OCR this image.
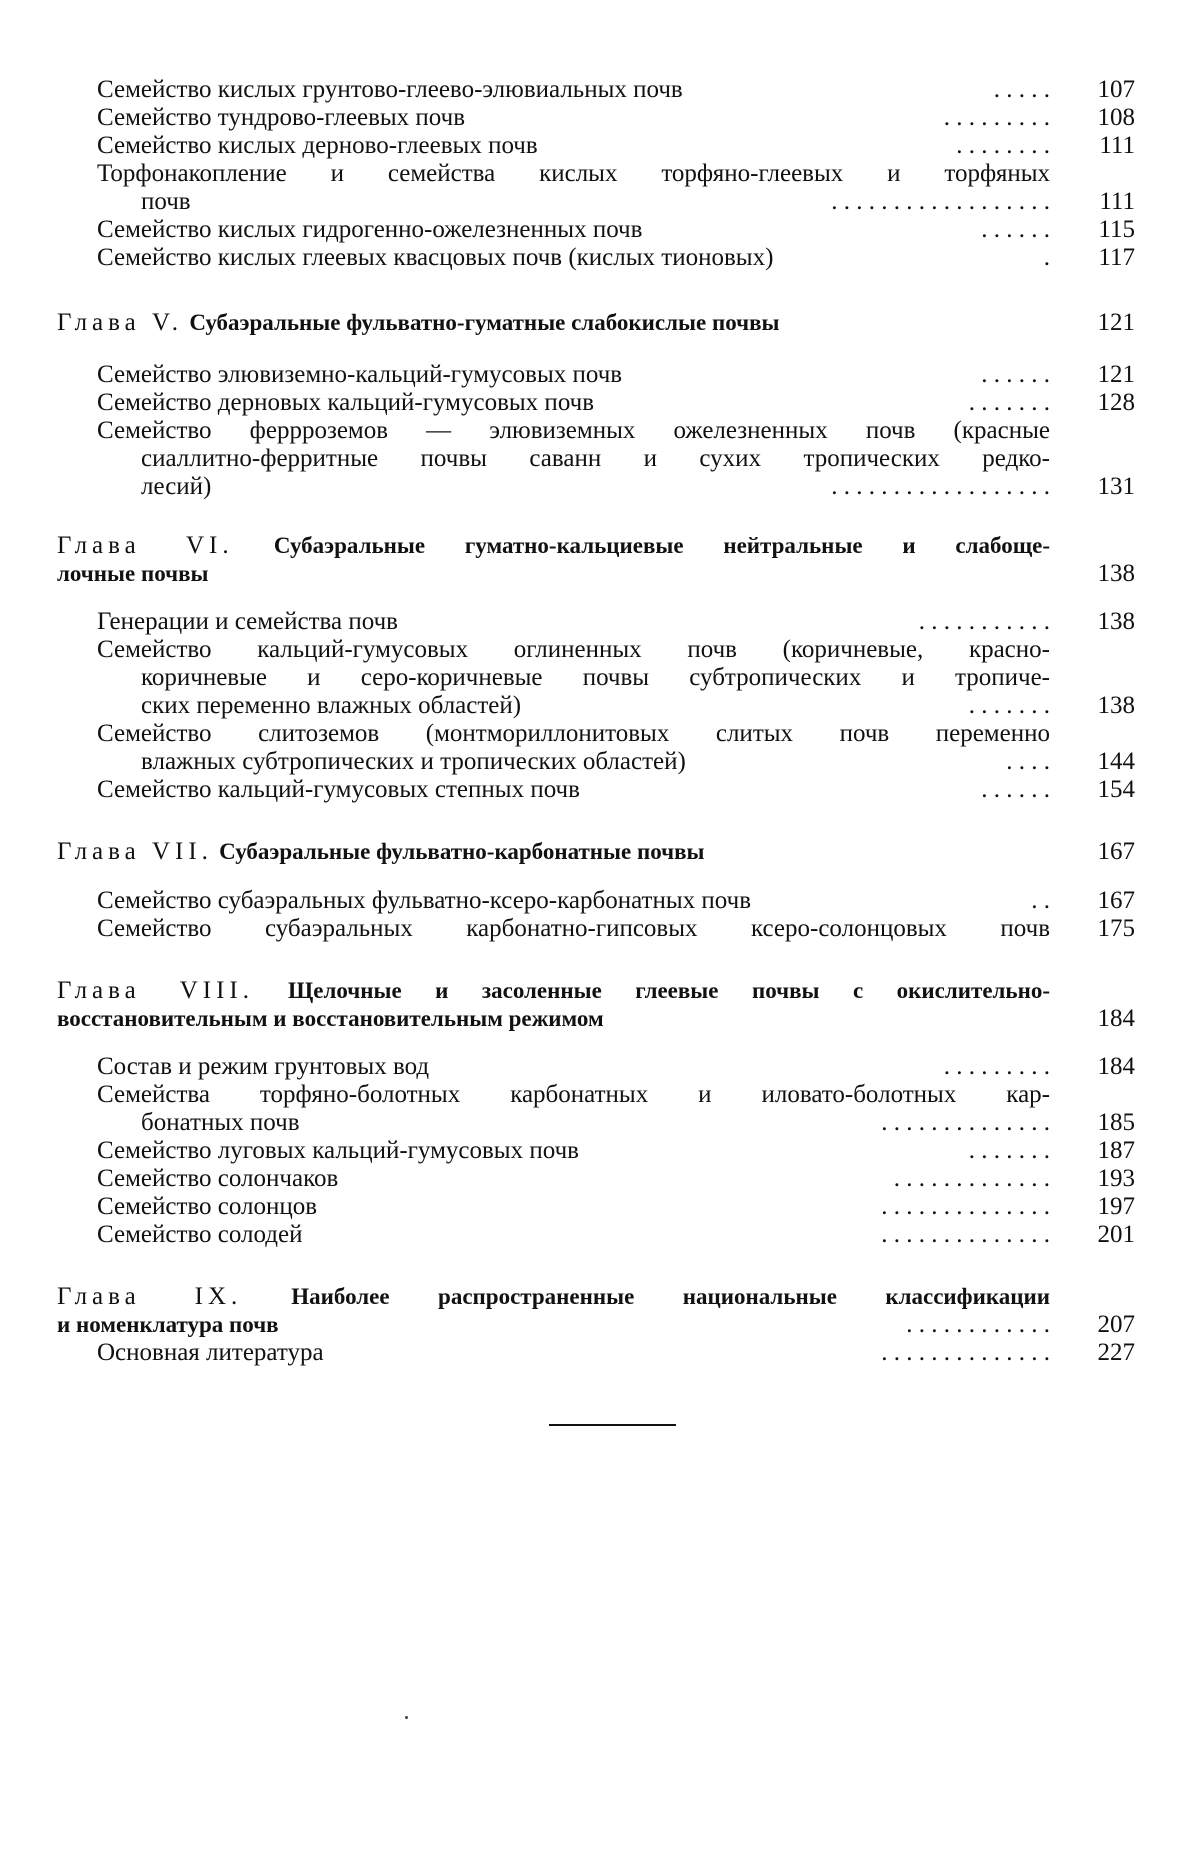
Семейство кислых грунтово-глеево-элювиальных почв	. . . . .	107
Семейство тундрово-глеевых почв	. . . . . . . . .	108
Семейство кислых дерново-глеевых почв	. . . . . . . .	111
Торфонакопление и семейства кислых торфяно-глеевых и торфяных
почв	. . . . . . . . . . . . . . . . . .	111
Семейство кислых гидрогенно-ожелезненных почв	. . . . . .	115
Семейство кислых глеевых квасцовых почв (кислых тионовых)	.	117
Глава V. Субаэральные фульватно-гуматные слабокислые почвы	121
Семейство элювиземно-кальций-гумусовых почв	. . . . . .	121
Семейство дерновых кальций-гумусовых почв	. . . . . . .	128
Семейство феррроземов — элювиземных ожелезненных почв (красные
сиаллитно-ферритные почвы саванн и сухих тропических редко-
лесий)	. . . . . . . . . . . . . . . . . .	131
Глава VI. Субаэральные гуматно-кальциевые нейтральные и слабоще-
лочные почвы	138
Генерации и семейства почв	. . . . . . . . . . .	138
Семейство кальций-гумусовых оглиненных почв (коричневые, красно-
коричневые и серо-коричневые почвы субтропических и тропиче-
ских переменно влажных областей)	. . . . . . .	138
Семейство слитоземов (монтмориллонитовых слитых почв переменно
влажных субтропических и тропических областей)	. . . .	144
Семейство кальций-гумусовых степных почв	. . . . . .	154
Глава VII. Субаэральные фульватно-карбонатные почвы	167
Семейство субаэральных фульватно-ксеро-карбонатных почв	. .	167
Семейство субаэральных карбонатно-гипсовых ксеро-солонцовых почв	175
Глава VIII. Щелочные и засоленные глеевые почвы с окислительно-
восстановительным и восстановительным режимом	184
Состав и режим грунтовых вод	. . . . . . . . .	184
Семейства торфяно-болотных карбонатных и иловато-болотных кар-
бонатных почв	. . . . . . . . . . . . . .	185
Семейство луговых кальций-гумусовых почв	. . . . . . .	187
Семейство солончаков	. . . . . . . . . . . . .	193
Семейство солонцов	. . . . . . . . . . . . . .	197
Семейство солодей	. . . . . . . . . . . . . .	201
Глава IX. Наиболее распространенные национальные классификации
и номенклатура почв	. . . . . . . . . . . .	207
Основная литература	. . . . . . . . . . . . . .	227
